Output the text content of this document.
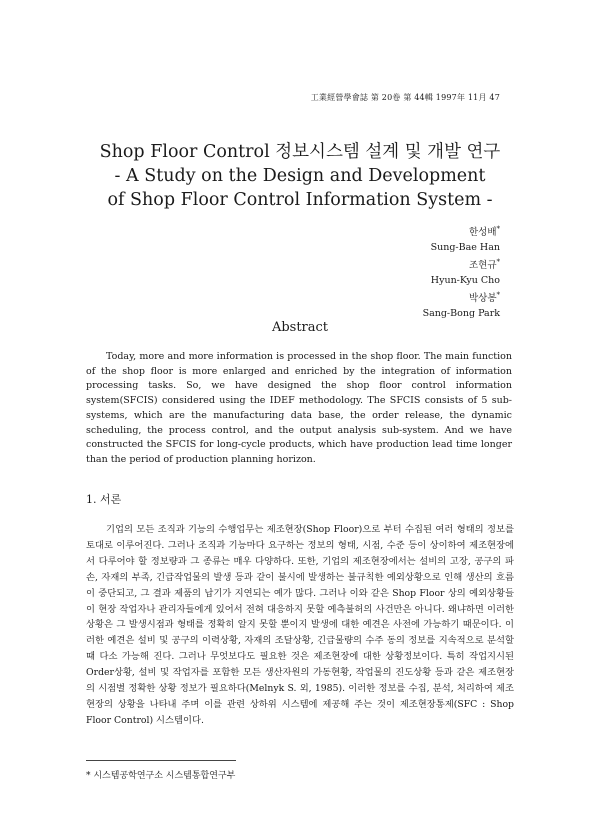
工業經營學會誌 第 20卷 第 44輯 1997年 11月 47
Shop Floor Control 정보시스템 설계 및 개발 연구
- A Study on the Design and Development
of Shop Floor Control Information System -
한성배*
Sung-Bae Han
조현규*
Hyun-Kyu Cho
박상봉*
Sang-Bong Park
Abstract

Today, more and more information is processed in the shop floor. The main function of the shop floor is more enlarged and enriched by the integration of information processing tasks. So, we have designed the shop floor control information system(SFCIS) considered using the IDEF methodology. The SFCIS consists of 5 sub-systems, which are the manufacturing data base, the order release, the dynamic scheduling, the process control, and the output analysis sub-system. And we have constructed the SFCIS for long-cycle products, which have production lead time longer than the period of production planning horizon.

1. 서론

기업의 모든 조직과 기능의 수행업무는 제조현장(Shop Floor)으로 부터 수집된 여러 형태의 정보를 토대로 이루어진다. 그러나 조직과 기능마다 요구하는 정보의 형태, 시점, 수준 등이 상이하여 제조현장에서 다루어야 할 정보량과 그 종류는 매우 다양하다. 또한, 기업의 제조현장에서는 설비의 고장, 공구의 파손, 자재의 부족, 긴급작업물의 발생 등과 같이 불시에 발생하는 불규칙한 예외상황으로 인해 생산의 흐름이 중단되고, 그 결과 제품의 납기가 지연되는 예가 많다. 그러나 이와 같은 Shop Floor 상의 예외상황들이 현장 작업자나 관리자들에게 있어서 전혀 대응하지 못할 예측불허의 사건만은 아니다. 왜냐하면 이러한 상황은 그 발생시점과 형태를 정확히 알지 못할 뿐이지 발생에 대한 예견은 사전에 가능하기 때문이다. 이러한 예견은 설비 및 공구의 이력상황, 자재의 조달상황, 긴급물량의 수주 동의 정보를 지속적으로 분석할 때 다소 가능해 진다. 그러나 무엇보다도 필요한 것은 제조현장에 대한 상황정보이다. 특히 작업지시된 Order상황, 설비 및 작업자를 포함한 모든 생산자원의 가동현황, 작업물의 진도상황 등과 같은 제조현장의 시점별 정확한 상황 정보가 필요하다(Melnyk S. 외, 1985). 이러한 정보를 수집, 분석, 처리하여 제조현장의 상황을 나타내 주며 이를 관련 상하위 시스템에 제공해 주는 것이 제조현장통제(SFC : Shop Floor Control) 시스템이다.

* 시스템공학연구소 시스템통합연구부
